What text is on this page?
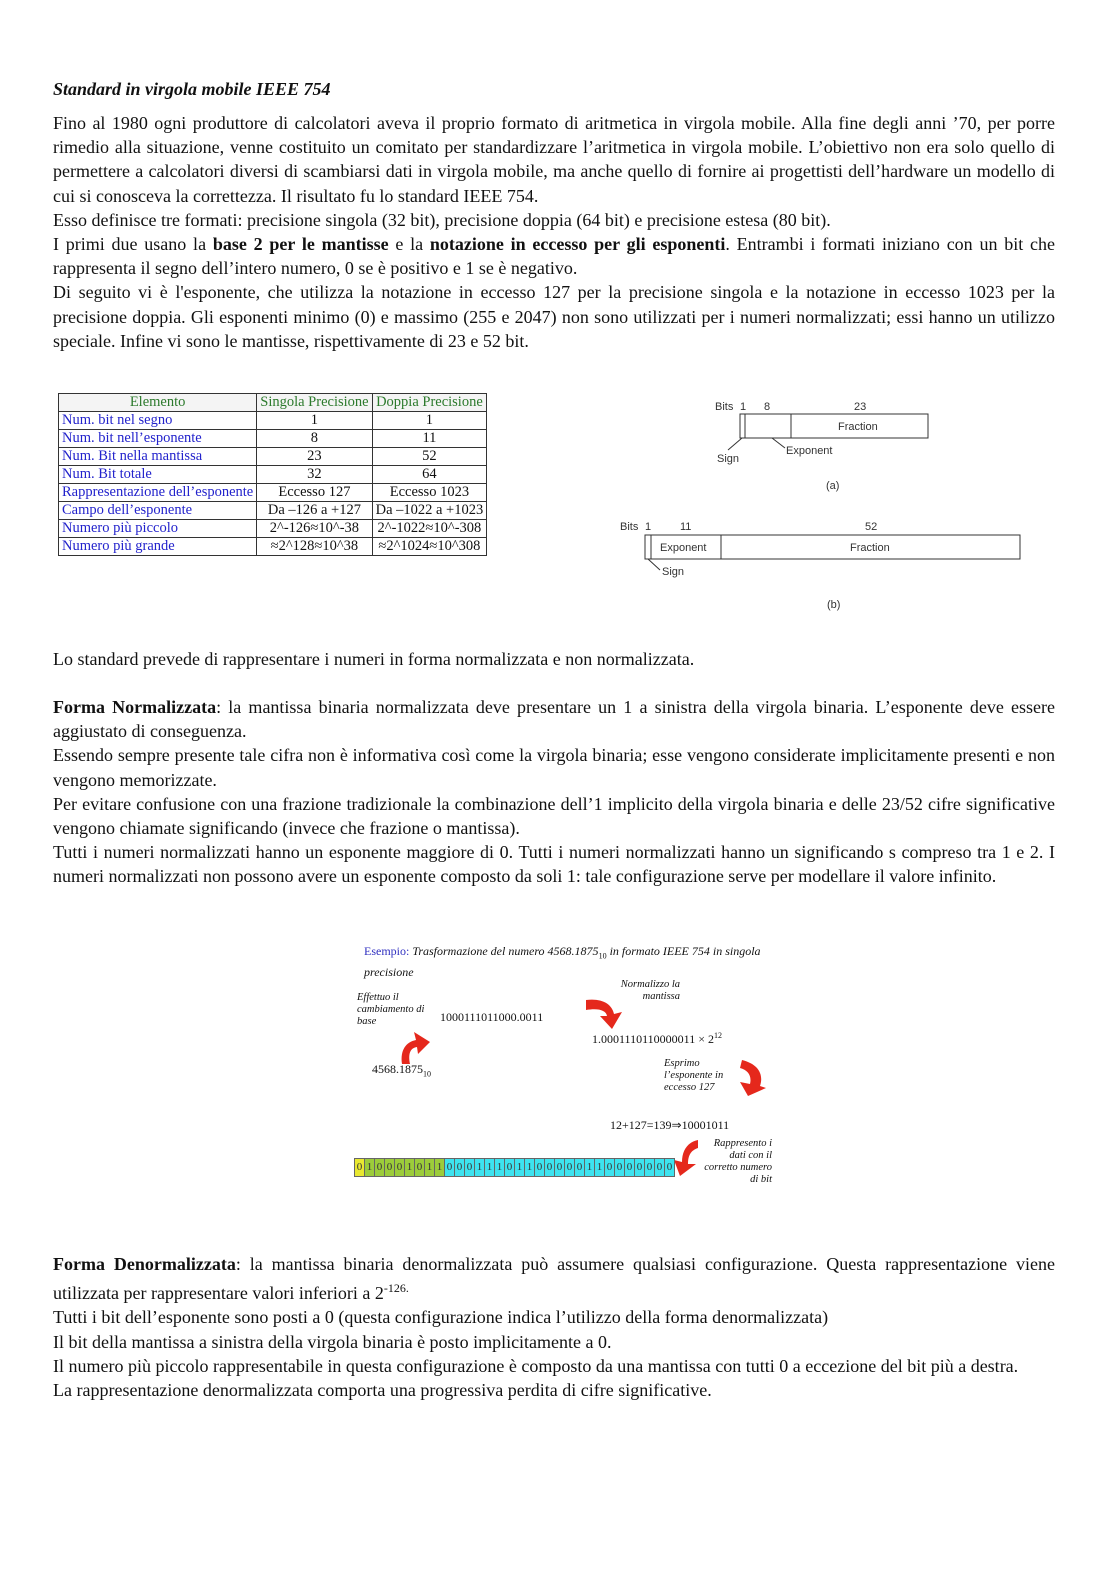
Standard in virgola mobile IEEE 754

Fino al 1980 ogni produttore di calcolatori aveva il proprio formato di aritmetica in virgola mobile. Alla fine degli anni ’70, per porre rimedio alla situazione, venne costituito un comitato per standardizzare l’aritmetica in virgola mobile. L’obiettivo non era solo quello di permettere a calcolatori diversi di scambiarsi dati in virgola mobile, ma anche quello di fornire ai progettisti dell’hardware un modello di cui si conosceva la correttezza. Il risultato fu lo standard IEEE 754.

Esso definisce tre formati: precisione singola (32 bit), precisione doppia (64 bit) e precisione estesa (80 bit).

I primi due usano la base 2 per le mantisse e la notazione in eccesso per gli esponenti. Entrambi i formati iniziano con un bit che rappresenta il segno dell’intero numero, 0 se è positivo e 1 se è negativo.

Di seguito vi è l'esponente, che utilizza la notazione in eccesso 127 per la precisione singola e la notazione in eccesso 1023 per la precisione doppia. Gli esponenti minimo (0) e massimo (255 e 2047) non sono utilizzati per i numeri normalizzati; essi hanno un utilizzo speciale. Infine vi sono le mantisse, rispettivamente di 23 e 52 bit.

Elemento	Singola Precisione	Doppia Precisione
Num. bit nel segno	1	1
Num. bit nell’esponente	8	11
Num. Bit nella mantissa	23	52
Num. Bit totale	32	64
Rappresentazione dell’esponente	Eccesso 127	Eccesso 1023
Campo dell’esponente	Da –126 a +127	Da –1022 a +1023
Numero più piccolo	2^-126≈10^-38	2^-1022≈10^-308
Numero più grande	≈2^128≈10^38	≈2^1024≈10^308
Bits 1 8	23
Fraction
Exponent
Sign
(a)
Bits 1	11	52
Exponent	Fraction
Sign
(b)
Lo standard prevede di rappresentare i numeri in forma normalizzata e non normalizzata.

Forma Normalizzata: la mantissa binaria normalizzata deve presentare un 1 a sinistra della virgola binaria. L’esponente deve essere aggiustato di conseguenza.

Essendo sempre presente tale cifra non è informativa così come la virgola binaria; esse vengono considerate implicitamente presenti e non vengono memorizzate.

Per evitare confusione con una frazione tradizionale la combinazione dell’1 implicito della virgola binaria e delle 23/52 cifre significative vengono chiamate significando (invece che frazione o mantissa).

Tutti i numeri normalizzati hanno un esponente maggiore di 0. Tutti i numeri normalizzati hanno un significando s compreso tra 1 e 2. I numeri normalizzati non possono avere un esponente composto da soli 1: tale configurazione serve per modellare il valore infinito.

Esempio: Trasformazione del numero $4568.1875_{10}$ in formato IEEE 754 in singola precisione
Effettuo il cambiamento di base	1000111011000.0011
$4568.1875_{10}$
Normalizzo la mantissa
$1.0001110110000011 \times 2^{12}$
Esprimo l’esponente in eccesso 127
12+127=139⇒10001011
Rappresento i dati con il corretto numero di bit
0 1 0 0 0 1 0 1 1 0 0 0 1 1 1 0 1 1 0 0 0 0 0 1 1 0 0 0 0 0 0 0

Forma Denormalizzata: la mantissa binaria denormalizzata può assumere qualsiasi configurazione. Questa rappresentazione viene utilizzata per rappresentare valori inferiori a $2^{-126.}$

Tutti i bit dell’esponente sono posti a 0 (questa configurazione indica l’utilizzo della forma denormalizzata)

Il bit della mantissa a sinistra della virgola binaria è posto implicitamente a 0.

Il numero più piccolo rappresentabile in questa configurazione è composto da una mantissa con tutti 0 a eccezione del bit più a destra.

La rappresentazione denormalizzata comporta una progressiva perdita di cifre significative.
